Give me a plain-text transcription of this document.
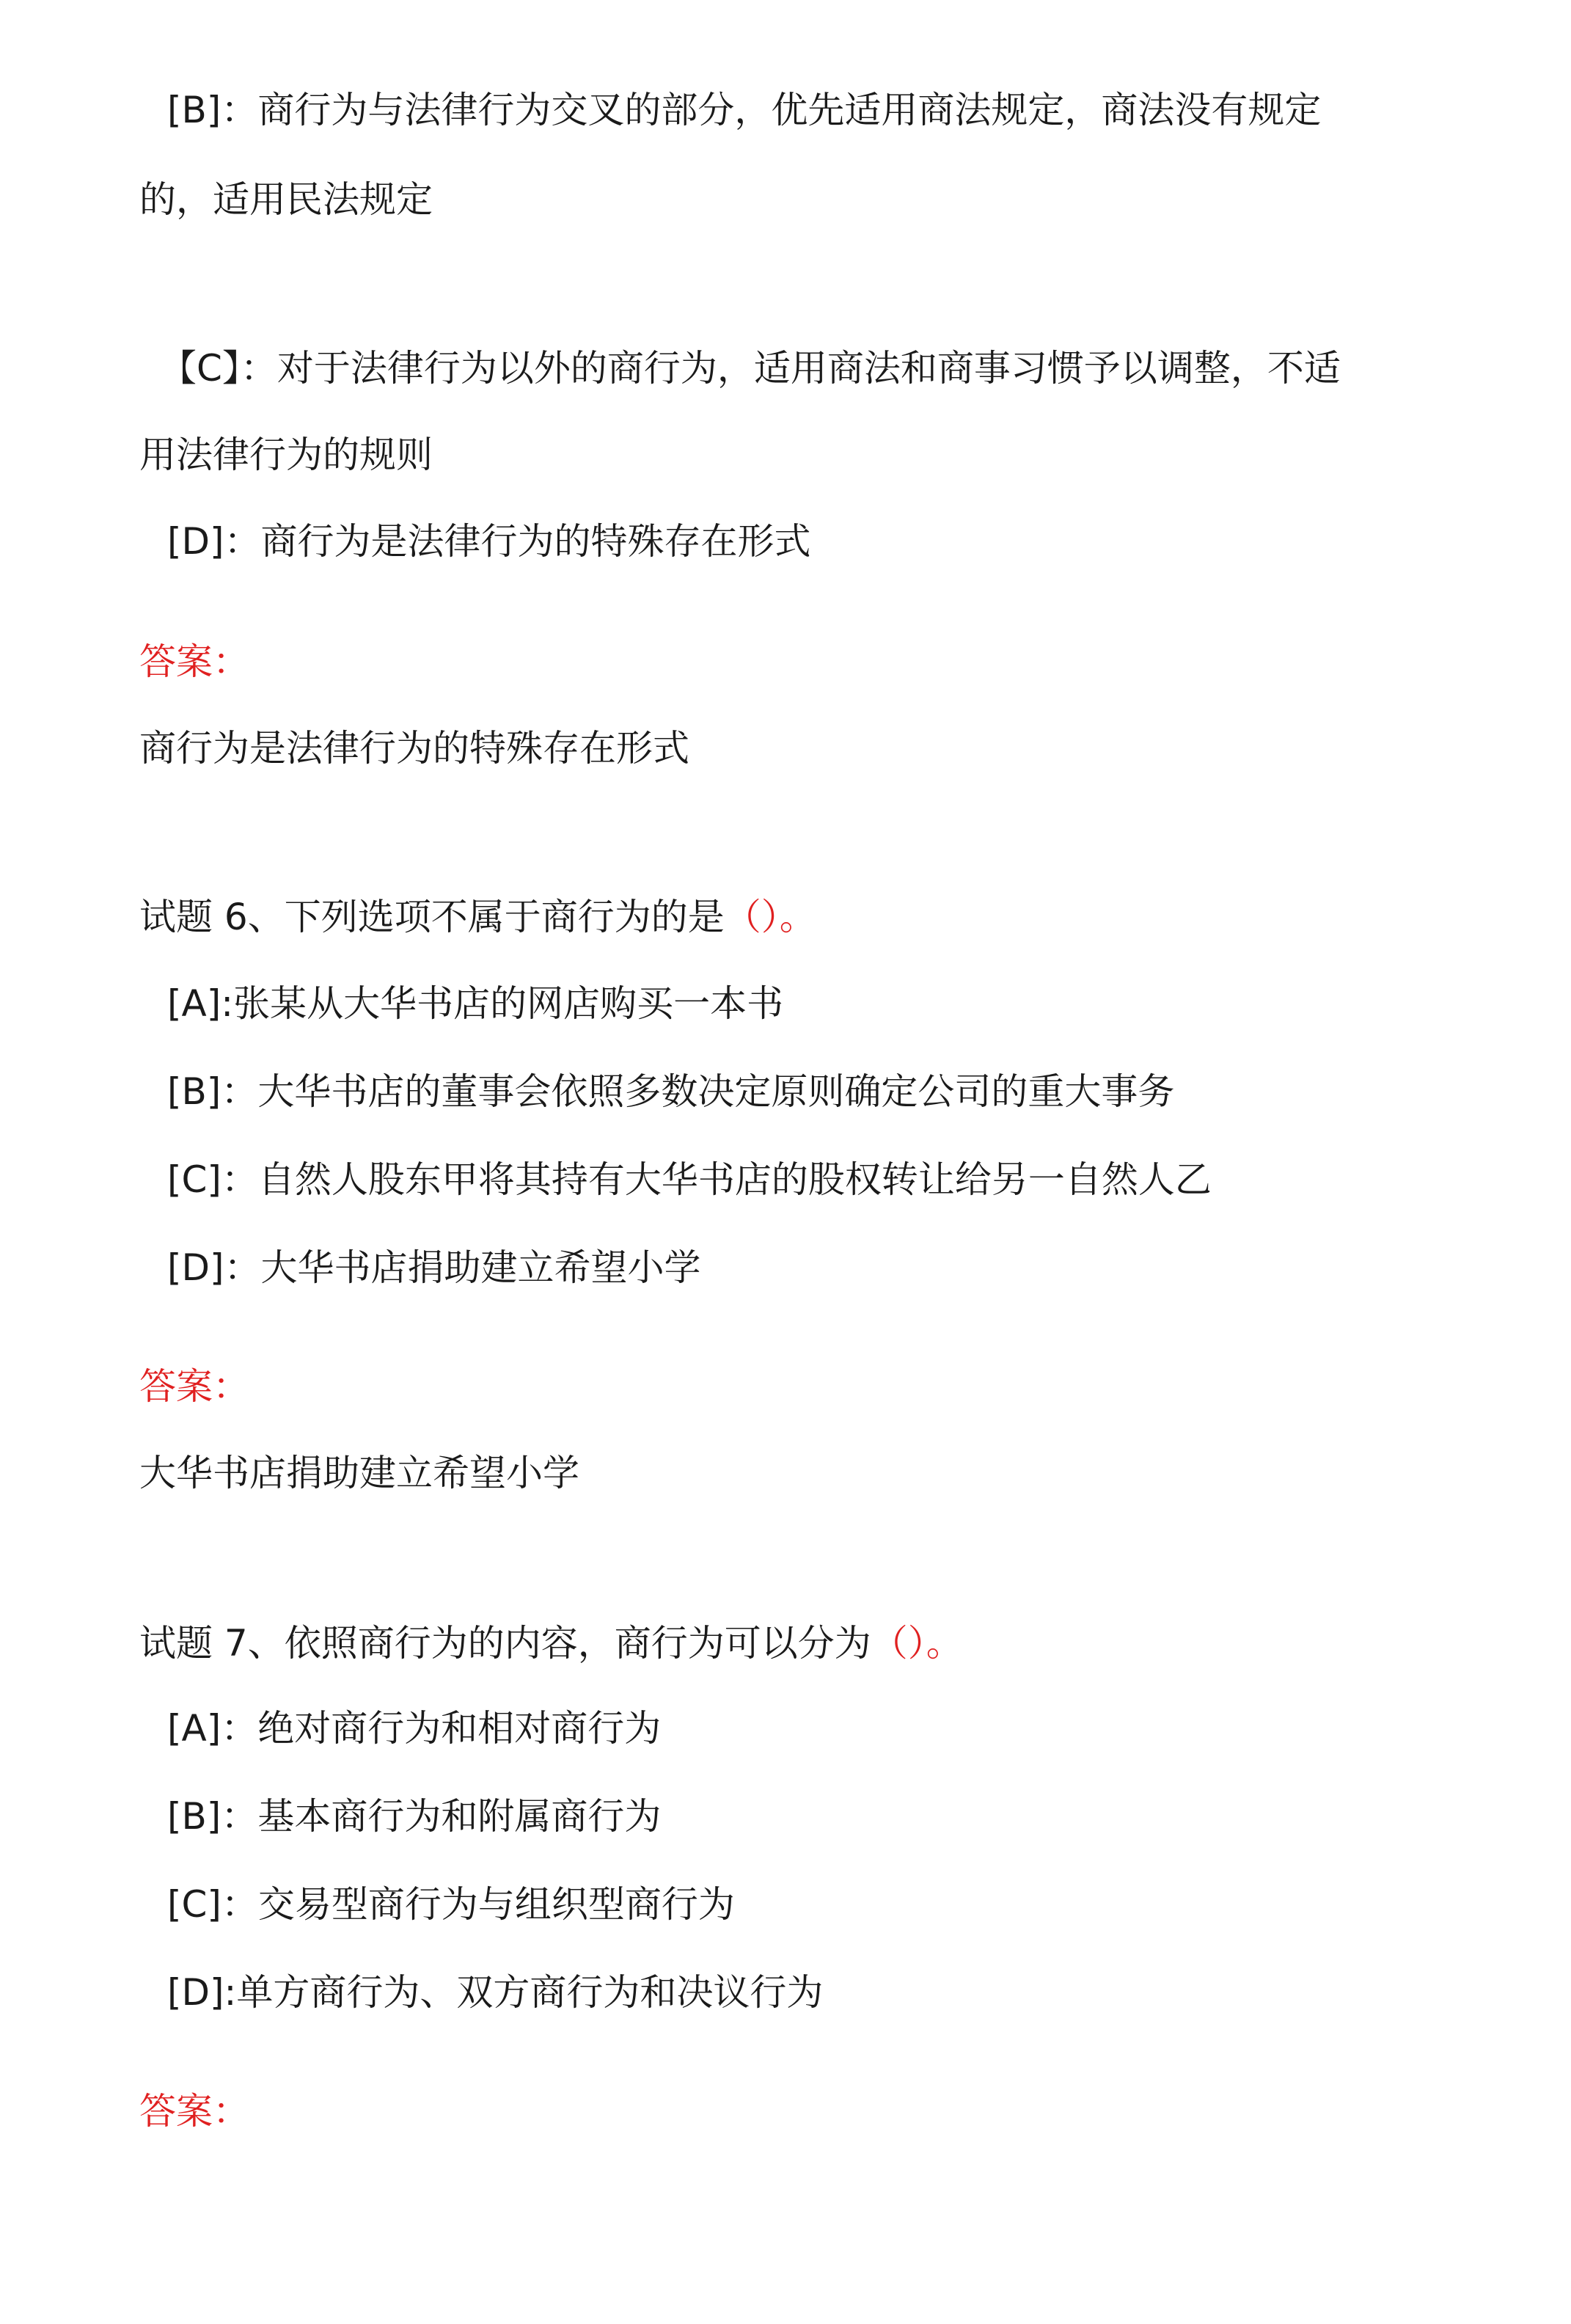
[B]：商行为与法律行为交叉的部分，优先适用商法规定，商法没有规定
的，适用民法规定
【C】：对于法律行为以外的商行为，适用商法和商事习惯予以调整，不适
用法律行为的规则
[D]：商行为是法律行为的特殊存在形式
答案：
商行为是法律行为的特殊存在形式
试题 6、下列选项不属于商行为的是（）。
[A]:张某从大华书店的网店购买一本书
[B]：大华书店的董事会依照多数决定原则确定公司的重大事务
[C]：自然人股东甲将其持有大华书店的股权转让给另一自然人乙
[D]：大华书店捐助建立希望小学
答案：
大华书店捐助建立希望小学
试题 7、依照商行为的内容，商行为可以分为（）。
[A]：绝对商行为和相对商行为
[B]：基本商行为和附属商行为
[C]：交易型商行为与组织型商行为
[D]:单方商行为、双方商行为和决议行为
答案：
